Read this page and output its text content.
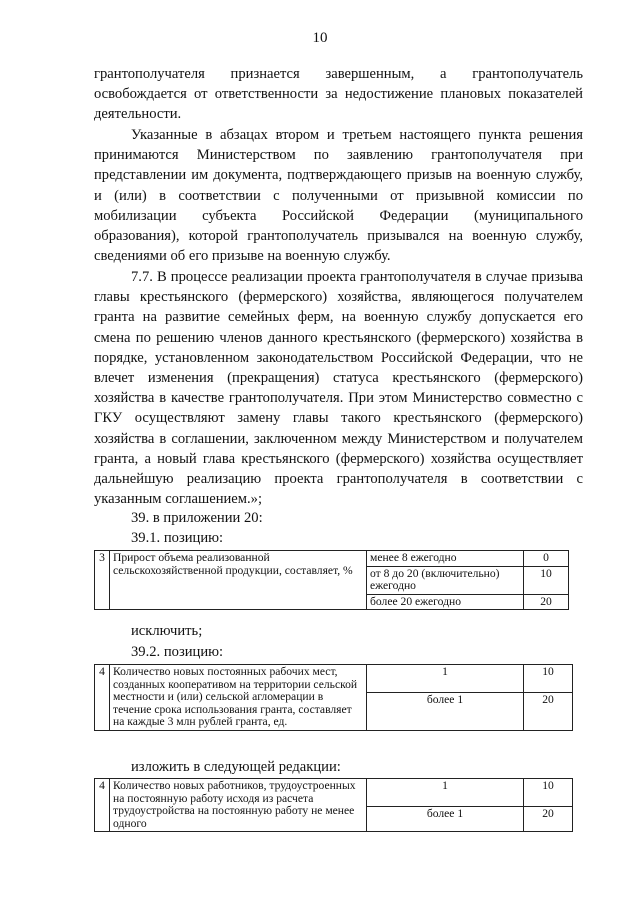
10

грантополучателя признается завершенным, а грантополучатель освобождается от ответственности за недостижение плановых показателей деятельности.

Указанные в абзацах втором и третьем настоящего пункта решения принимаются Министерством по заявлению грантополучателя при представлении им документа, подтверждающего призыв на военную службу, и (или) в соответствии с полученными от призывной комиссии по мобилизации субъекта Российской Федерации (муниципального образования), которой грантополучатель призывался на военную службу, сведениями об его призыве на военную службу.

7.7. В процессе реализации проекта грантополучателя в случае призыва главы крестьянского (фермерского) хозяйства, являющегося получателем гранта на развитие семейных ферм, на военную службу допускается его смена по решению членов данного крестьянского (фермерского) хозяйства в порядке, установленном законодательством Российской Федерации, что не влечет изменения (прекращения) статуса крестьянского (фермерского) хозяйства в качестве грантополучателя. При этом Министерство совместно с ГКУ осуществляют замену главы такого крестьянского (фермерского) хозяйства в соглашении, заключенном между Министерством и получателем гранта, а новый глава крестьянского (фермерского) хозяйства осуществляет дальнейшую реализацию проекта грантополучателя в соответствии с указанным соглашением.»;

39. в приложении 20:

39.1. позицию:

3	Прирост объема реализованной сельскохозяйственной продукции, составляет, %	менее 8 ежегодно	0
		от 8 до 20 (включительно) ежегодно	10
		более 20 ежегодно	20

исключить;

39.2. позицию:

4	Количество новых постоянных рабочих мест, созданных кооперативом на территории сельской местности и (или) сельской агломерации в течение срока использования гранта, составляет на каждые 3 млн рублей гранта, ед.	1	10
		более 1	20

изложить в следующей редакции:

4	Количество новых работников, трудоустроенных на постоянную работу исходя из расчета трудоустройства на постоянную работу не менее одного	1	10
		более 1	20
